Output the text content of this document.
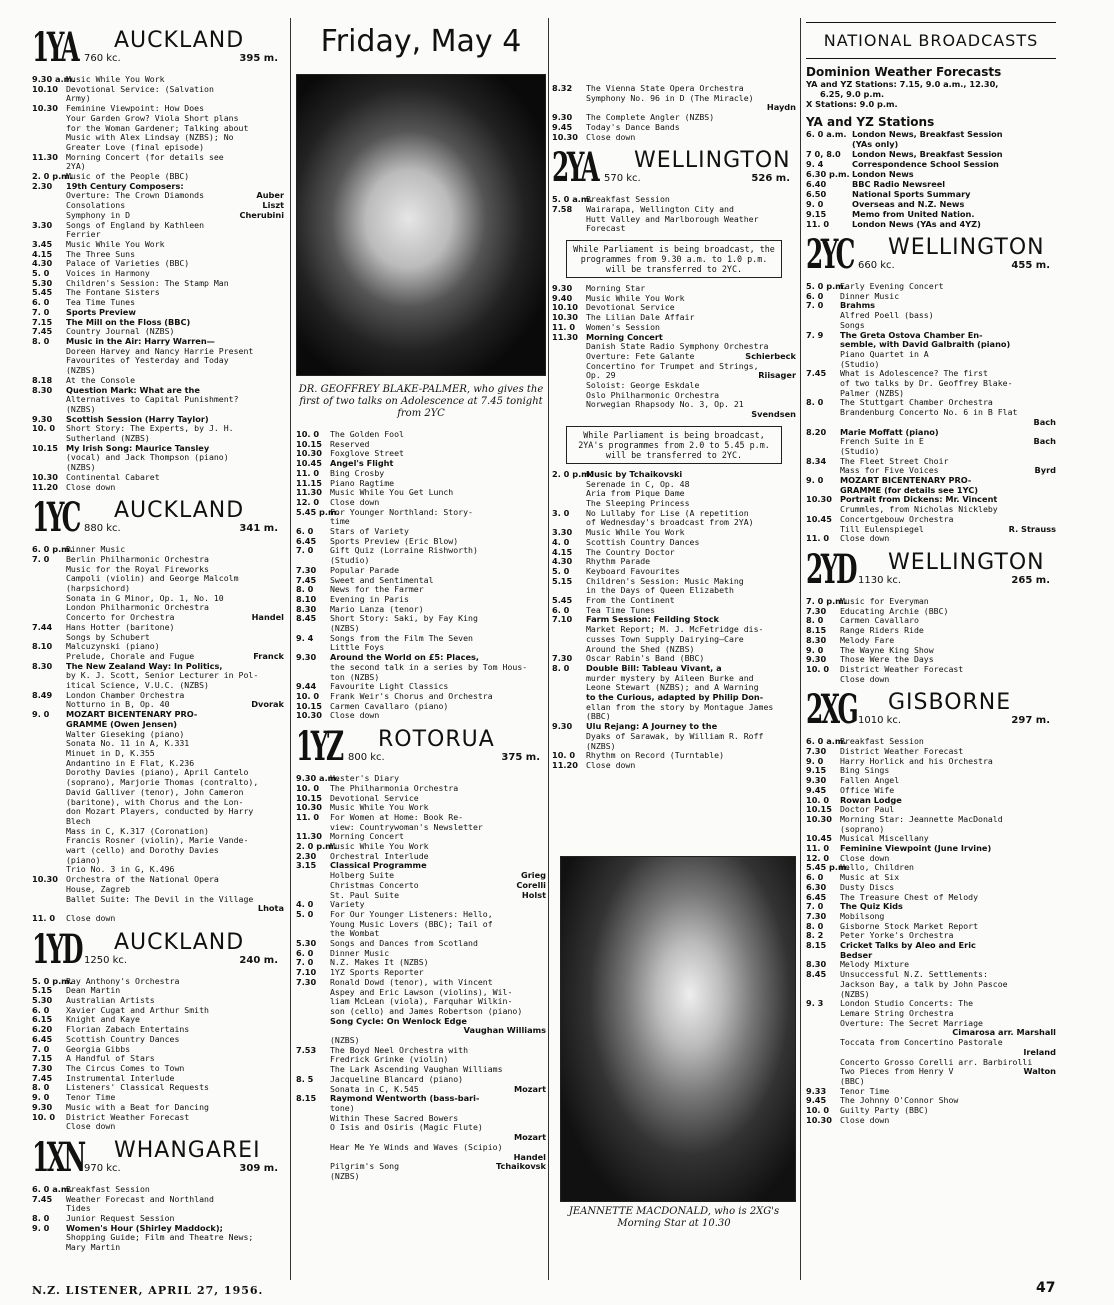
1YA AUCKLAND
760 kc.	395 m.
9.30 a.m.Music While You Work
10.10 Devotional Service: (Salvation
Army)
10.30 Feminine Viewpoint: How Does
Your Garden Grow? Viola Short plans
for the Woman Gardener; Talking about
Music with Alex Lindsay (NZBS); No
Greater Love (final episode)
11.30 Morning Concert (for details see
2YA)
2. 0 p.m.Music of the People (BBC)
2.30 19th Century Composers:
Overture: The Crown Diamonds	Auber
Consolations	Liszt
Symphony in D	Cherubini
3.30 Songs of England by Kathleen
Ferrier
3.45 Music While You Work
4.15 The Three Suns
4.30 Palace of Varieties (BBC)
5. 0 Voices in Harmony
5.30 Children's Session: The Stamp Man
5.45 The Fontane Sisters
6. 0 Tea Time Tunes
7. 0 Sports Preview
7.15 The Mill on the Floss (BBC)
7.45 Country Journal (NZBS)
8. 0 Music in the Air: Harry Warren—
Doreen Harvey and Nancy Harrie Present
Favourites of Yesterday and Today
(NZBS)
8.18 At the Console
8.30 Question Mark: What are the
Alternatives to Capital Punishment?
(NZBS)
9.30 Scottish Session (Harry Taylor)
10. 0 Short Story: The Experts, by J. H.
Sutherland (NZBS)
10.15 My Irish Song: Maurice Tansley
(vocal) and Jack Thompson (piano)
(NZBS)
10.30 Continental Cabaret
11.20 Close down
1YC AUCKLAND
880 kc.	341 m.
6. 0 p.m.Dinner Music
7. 0 Berlin Philharmonic Orchestra
Music for the Royal Fireworks
Campoli (violin) and George Malcolm
(harpsichord)
Sonata in G Minor, Op. 1, No. 10
London Philharmonic Orchestra
Concerto for Orchestra	Handel
7.44 Hans Hotter (baritone)
Songs by Schubert
8.10 Malcuzynski (piano)
Prelude, Chorale and Fugue	Franck
8.30 The New Zealand Way: In Politics,
by K. J. Scott, Senior Lecturer in Pol-
itical Science, V.U.C. (NZBS)
8.49 London Chamber Orchestra
Notturno in B, Op. 40	Dvorak
9. 0 MOZART BICENTENARY PRO-
GRAMME (Owen Jensen)
Walter Gieseking (piano)
Sonata No. 11 in A, K.331
Minuet in D, K.355
Andantino in E Flat, K.236
Dorothy Davies (piano), April Cantelo
(soprano), Marjorie Thomas (contralto),
David Galliver (tenor), John Cameron
(baritone), with Chorus and the Lon-
don Mozart Players, conducted by Harry
Blech
Mass in C, K.317 (Coronation)
Francis Rosner (violin), Marie Vande-
wart (cello) and Dorothy Davies
(piano)
Trio No. 3 in G, K.496
10.30 Orchestra of the National Opera
House, Zagreb
Ballet Suite: The Devil in the Village
Lhota
11. 0 Close down
1YD AUCKLAND
1250 kc.	240 m.
5. 0 p.m.Ray Anthony's Orchestra
5.15 Dean Martin
5.30 Australian Artists
6. 0 Xavier Cugat and Arthur Smith
6.15 Knight and Kaye
6.20 Florian Zabach Entertains
6.45 Scottish Country Dances
7. 0 Georgia Gibbs
7.15 A Handful of Stars
7.30 The Circus Comes to Town
7.45 Instrumental Interlude
8. 0 Listeners' Classical Requests
9. 0 Tenor Time
9.30 Music with a Beat for Dancing
10. 0 District Weather Forecast
Close down
1XN WHANGAREI
970 kc.	309 m.
6. 0 a.m.Breakfast Session
7.45 Weather Forecast and Northland
Tides
8. 0 Junior Request Session
9. 0 Women's Hour (Shirley Maddock);
Shopping Guide; Film and Theatre News;
Mary Martin
Friday, May 4
DR. GEOFFREY BLAKE-PALMER, who gives the first of two talks on Adolescence at 7.45 tonight from 2YC
10. 0 The Golden Fool
10.15 Reserved
10.30 Foxglove Street
10.45 Angel's Flight
11. 0 Bing Crosby
11.15 Piano Ragtime
11.30 Music While You Get Lunch
12. 0 Close down
5.45 p.m.For Younger Northland: Story-
time
6. 0 Stars of Variety
6.45 Sports Preview (Eric Blow)
7. 0 Gift Quiz (Lorraine Rishworth)
(Studio)
7.30 Popular Parade
7.45 Sweet and Sentimental
8. 0 News for the Farmer
8.10 Evening in Paris
8.30 Mario Lanza (tenor)
8.45 Short Story: Saki, by Fay King
(NZBS)
9. 4 Songs from the Film The Seven
Little Foys
9.30 Around the World on £5: Places,
the second talk in a series by Tom Hous-
ton (NZBS)
9.44 Favourite Light Classics
10. 0 Frank Weir's Chorus and Orchestra
10.15 Carmen Cavallaro (piano)
10.30 Close down
1YZ ROTORUA
800 kc.	375 m.
9.30 a.m.Hester's Diary
10. 0 The Philharmonia Orchestra
10.15 Devotional Service
10.30 Music While You Work
11. 0 For Women at Home: Book Re-
view: Countrywoman's Newsletter
11.30 Morning Concert
2. 0 p.m.Music While You Work
2.30 Orchestral Interlude
3.15 Classical Programme
Holberg Suite	Grieg
Christmas Concerto	Corelli
St. Paul Suite	Holst
4. 0 Variety
5. 0 For Our Younger Listeners: Hello,
Young Music Lovers (BBC); Tail of
the Wombat
5.30 Songs and Dances from Scotland
6. 0 Dinner Music
7. 0 N.Z. Makes It (NZBS)
7.10 1YZ Sports Reporter
7.30 Ronald Dowd (tenor), with Vincent
Aspey and Eric Lawson (violins), Wil-
liam McLean (viola), Farquhar Wilkin-
son (cello) and James Robertson (piano)
Song Cycle: On Wenlock Edge
Vaughan Williams
(NZBS)
7.53 The Boyd Neel Orchestra with
Fredrick Grinke (violin)
The Lark Ascending Vaughan Williams
8. 5 Jacqueline Blancard (piano)
Sonata in C, K.545	Mozart
8.15 Raymond Wentworth (bass-bari-
tone)
Within These Sacred Bowers
O Isis and Osiris (Magic Flute)
Mozart
Hear Me Ye Winds and Waves (Scipio)
Handel
Pilgrim's Song	Tchaikovsk
(NZBS)
8.32 The Vienna State Opera Orchestra
Symphony No. 96 in D (The Miracle)
Haydn
9.30 The Complete Angler (NZBS)
9.45 Today's Dance Bands
10.30 Close down
2YA WELLINGTON
570 kc.	526 m.
5. 0 a.m.Breakfast Session
7.58 Wairarapa, Wellington City and
Hutt Valley and Marlborough Weather
Forecast
While Parliament is being broadcast, the programmes from 9.30 a.m. to 1.0 p.m. will be transferred to 2YC.
9.30 Morning Star
9.40 Music While You Work
10.10 Devotional Service
10.30 The Lilian Dale Affair
11. 0 Women's Session
11.30 Morning Concert
Danish State Radio Symphony Orchestra
Overture: Fete Galante	Schierbeck
Concertino for Trumpet and Strings,
Op. 29	Riisager
Soloist: George Eskdale
Oslo Philharmonic Orchestra
Norwegian Rhapsody No. 3, Op. 21
Svendsen
While Parliament is being broadcast, 2YA's programmes from 2.0 to 5.45 p.m. will be transferred to 2YC.
2. 0 p.m.Music by Tchaikovski
Serenade in C, Op. 48
Aria from Pique Dame
The Sleeping Princess
3. 0 No Lullaby for Lise (A repetition
of Wednesday's broadcast from 2YA)
3.30 Music While You Work
4. 0 Scottish Country Dances
4.15 The Country Doctor
4.30 Rhythm Parade
5. 0 Keyboard Favourites
5.15 Children's Session: Music Making
in the Days of Queen Elizabeth
5.45 From the Continent
6. 0 Tea Time Tunes
7.10 Farm Session: Feilding Stock
Market Report; M. J. McFetridge dis-
cusses Town Supply Dairying—Care
Around the Shed (NZBS)
7.30 Oscar Rabin's Band (BBC)
8. 0 Double Bill: Tableau Vivant, a
murder mystery by Aileen Burke and
Leone Stewart (NZBS); and A Warning
to the Curious, adapted by Philip Don-
ellan from the story by Montague James
(BBC)
9.30 Ulu Rejang: A Journey to the
Dyaks of Sarawak, by William R. Roff
(NZBS)
10. 0 Rhythm on Record (Turntable)
11.20 Close down
JEANNETTE MACDONALD, who is 2XG's Morning Star at 10.30
NATIONAL BROADCASTS
Dominion Weather Forecasts
YA and YZ Stations: 7.15, 9.0 a.m., 12.30,
6.25, 9.0 p.m.
X Stations: 9.0 p.m.
YA and YZ Stations
6. 0 a.m. London News, Breakfast Session
(YAs only)
7 0, 8.0 London News, Breakfast Session
9. 4	Correspondence School Session
6.30 p.m. London News
6.40	BBC Radio Newsreel
6.50	National Sports Summary
9. 0	Overseas and N.Z. News
9.15	Memo from United Nation.
11. 0	London News (YAs and 4YZ)
2YC WELLINGTON
660 kc.	455 m.
5. 0 p.m.Early Evening Concert
6. 0 Dinner Music
7. 0 Brahms
Alfred Poell (bass)
Songs
7. 9 The Greta Ostova Chamber En-
semble, with David Galbraith (piano)
Piano Quartet in A
(Studio)
7.45 What is Adolescence? The first
of two talks by Dr. Geoffrey Blake-
Palmer (NZBS)
8. 0 The Stuttgart Chamber Orchestra
Brandenburg Concerto No. 6 in B Flat
Bach
8.20 Marie Moffatt (piano)
French Suite in E	Bach
(Studio)
8.34 The Fleet Street Choir
Mass for Five Voices	Byrd
9. 0 MOZART BICENTENARY PRO-
GRAMME (for details see 1YC)
10.30 Portrait from Dickens: Mr. Vincent
Crummles, from Nicholas Nickleby
10.45 Concertgebouw Orchestra
Till Eulenspiegel	R. Strauss
11. 0 Close down
2YD WELLINGTON
1130 kc.	265 m.
7. 0 p.m.Music for Everyman
7.30 Educating Archie (BBC)
8. 0 Carmen Cavallaro
8.15 Range Riders Ride
8.30 Melody Fare
9. 0 The Wayne King Show
9.30 Those Were the Days
10. 0 District Weather Forecast
Close down
2XG GISBORNE
1010 kc.	297 m.
6. 0 a.m.Breakfast Session
7.30 District Weather Forecast
9. 0 Harry Horlick and his Orchestra
9.15 Bing Sings
9.30 Fallen Angel
9.45 Office Wife
10. 0 Rowan Lodge
10.15 Doctor Paul
10.30 Morning Star: Jeannette MacDonald
(soprano)
10.45 Musical Miscellany
11. 0 Feminine Viewpoint (June Irvine)
12. 0 Close down
5.45 p.m.Hello, Children
6. 0 Music at Six
6.30 Dusty Discs
6.45 The Treasure Chest of Melody
7. 0 The Quiz Kids
7.30 Mobilsong
8. 0 Gisborne Stock Market Report
8. 2 Peter Yorke's Orchestra
8.15 Cricket Talks by Aleo and Eric
Bedser
8.30 Melody Mixture
8.45 Unsuccessful N.Z. Settlements:
Jackson Bay, a talk by John Pascoe
(NZBS)
9. 3 London Studio Concerts: The
Lemare String Orchestra
Overture: The Secret Marriage
Cimarosa arr. Marshall
Toccata from Concertino Pastorale
Ireland
Concerto Grosso Corelli arr. Barbirolli
Two Pieces from Henry V	Walton
(BBC)
9.33 Tenor Time
9.45 The Johnny O'Connor Show
10. 0 Guilty Party (BBC)
10.30 Close down
N.Z. LISTENER, APRIL 27, 1956.	47
